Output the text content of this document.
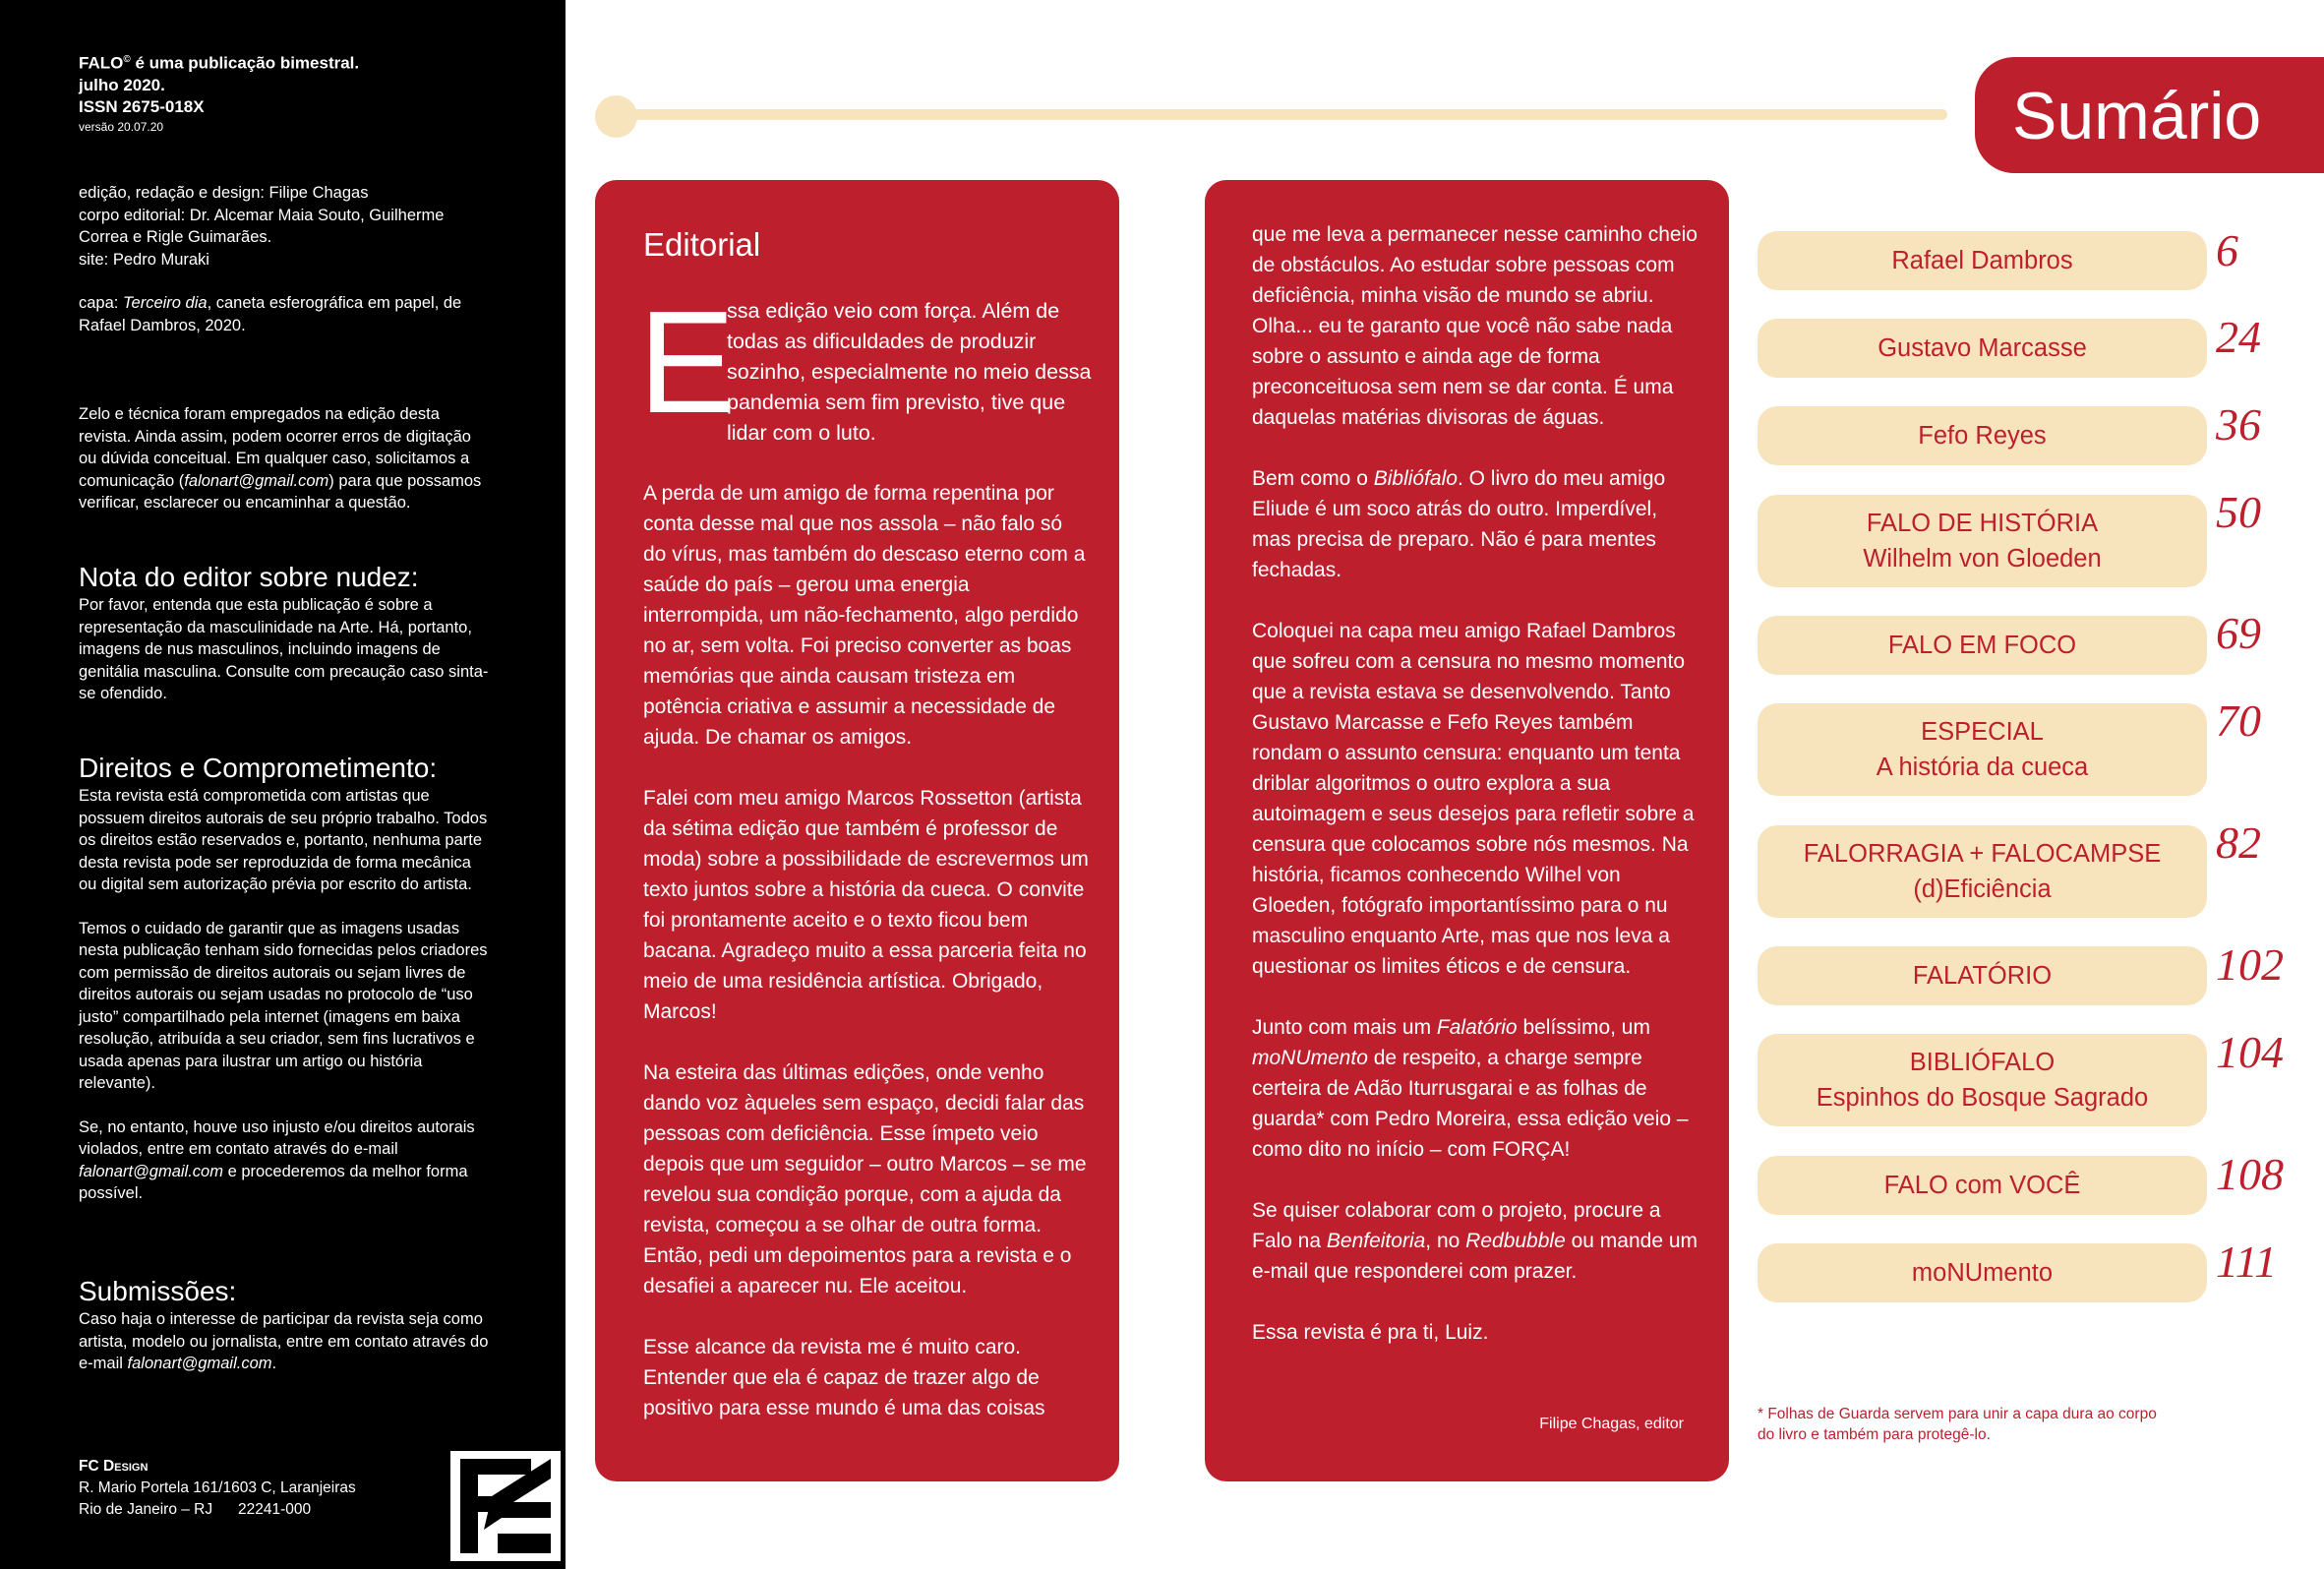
FALO© é uma publicação bimestral.
julho 2020.
ISSN 2675-018X
versão 20.07.20
edição, redação e design: Filipe Chagas
corpo editorial: Dr. Alcemar Maia Souto, Guilherme Correa e Rigle Guimarães.
site: Pedro Muraki
capa: Terceiro dia, caneta esferográfica em papel, de Rafael Dambros, 2020.
Zelo e técnica foram empregados na edição desta revista. Ainda assim, podem ocorrer erros de digitação ou dúvida conceitual. Em qualquer caso, solicitamos a comunicação (falonart@gmail.com) para que possamos verificar, esclarecer ou encaminhar a questão.
Nota do editor sobre nudez:
Por favor, entenda que esta publicação é sobre a representação da masculinidade na Arte. Há, portanto, imagens de nus masculinos, incluindo imagens de genitália masculina. Consulte com precaução caso sinta-se ofendido.
Direitos e Comprometimento:

Esta revista está comprometida com artistas que possuem direitos autorais de seu próprio trabalho. Todos os direitos estão reservados e, portanto, nenhuma parte desta revista pode ser reproduzida de forma mecânica ou digital sem autorização prévia por escrito do artista.

Temos o cuidado de garantir que as imagens usadas nesta publicação tenham sido fornecidas pelos criadores com permissão de direitos autorais ou sejam livres de direitos autorais ou sejam usadas no protocolo de “uso justo” compartilhado pela internet (imagens em baixa resolução, atribuída a seu criador, sem fins lucrativos e usada apenas para ilustrar um artigo ou história relevante).

Se, no entanto, houve uso injusto e/ou direitos autorais violados, entre em contato através do e-mail falonart@gmail.com e procederemos da melhor forma possível.

Submissões:
Caso haja o interesse de participar da revista seja como artista, modelo ou jornalista, entre em contato através do e-mail falonart@gmail.com.
FC Design
R. Mario Portela 161/1603 C, Laranjeiras
Rio de Janeiro – RJ      22241-000
Sumário
Editorial
E
ssa edição veio com força. Além de todas as dificuldades de produzir sozinho, especialmente no meio dessa pandemia sem fim previsto, tive que lidar com o luto.

A perda de um amigo de forma repentina por conta desse mal que nos assola – não falo só do vírus, mas também do descaso eterno com a saúde do país – gerou uma energia interrompida, um não-fechamento, algo perdido no ar, sem volta. Foi preciso converter as boas memórias que ainda causam tristeza em potência criativa e assumir a necessidade de ajuda. De chamar os amigos.

Falei com meu amigo Marcos Rossetton (artista da sétima edição que também é professor de moda) sobre a possibilidade de escrevermos um texto juntos sobre a história da cueca. O convite foi prontamente aceito e o texto ficou bem bacana. Agradeço muito a essa parceria feita no meio de uma residência artística. Obrigado, Marcos!

Na esteira das últimas edições, onde venho dando voz àqueles sem espaço, decidi falar das pessoas com deficiência. Esse ímpeto veio depois que um seguidor – outro Marcos – se me revelou sua condição porque, com a ajuda da revista, começou a se olhar de outra forma. Então, pedi um depoimentos para a revista e o desafiei a aparecer nu. Ele aceitou.

Esse alcance da revista me é muito caro. Entender que ela é capaz de trazer algo de positivo para esse mundo é uma das coisas

que me leva a permanecer nesse caminho cheio de obstáculos. Ao estudar sobre pessoas com deficiência, minha visão de mundo se abriu. Olha... eu te garanto que você não sabe nada sobre o assunto e ainda age de forma preconceituosa sem nem se dar conta. É uma daquelas matérias divisoras de águas.

Bem como o Bibliófalo. O livro do meu amigo Eliude é um soco atrás do outro. Imperdível, mas precisa de preparo. Não é para mentes fechadas.

Coloquei na capa meu amigo Rafael Dambros que sofreu com a censura no mesmo momento que a revista estava se desenvolvendo. Tanto Gustavo Marcasse e Fefo Reyes também rondam o assunto censura: enquanto um tenta driblar algoritmos o outro explora a sua autoimagem e seus desejos para refletir sobre a censura que colocamos sobre nós mesmos. Na história, ficamos conhecendo Wilhel von Gloeden, fotógrafo importantíssimo para o nu masculino enquanto Arte, mas que nos leva a questionar os limites éticos e de censura.

Junto com mais um Falatório belíssimo, um moNUmento de respeito, a charge sempre certeira de Adão Iturrusgarai e as folhas de guarda* com Pedro Moreira, essa edição veio – como dito no início – com FORÇA!

Se quiser colaborar com o projeto, procure a Falo na Benfeitoria, no Redbubble ou mande um e-mail que responderei com prazer.

Essa revista é pra ti, Luiz.

Filipe Chagas, editor
Rafael Dambros	6
Gustavo Marcasse	24
Fefo Reyes	36
FALO DE HISTÓRIA
Wilhelm von Gloeden
50
FALO EM FOCO	69
ESPECIAL
A história da cueca
70
FALORRAGIA + FALOCAMPSE
(d)Eficiência
82
FALATÓRIO	102
BIBLIÓFALO
Espinhos do Bosque Sagrado
104
FALO com VOCÊ	108
moNUmento	111
* Folhas de Guarda servem para unir a capa dura ao corpo do livro e também para protegê-lo.
